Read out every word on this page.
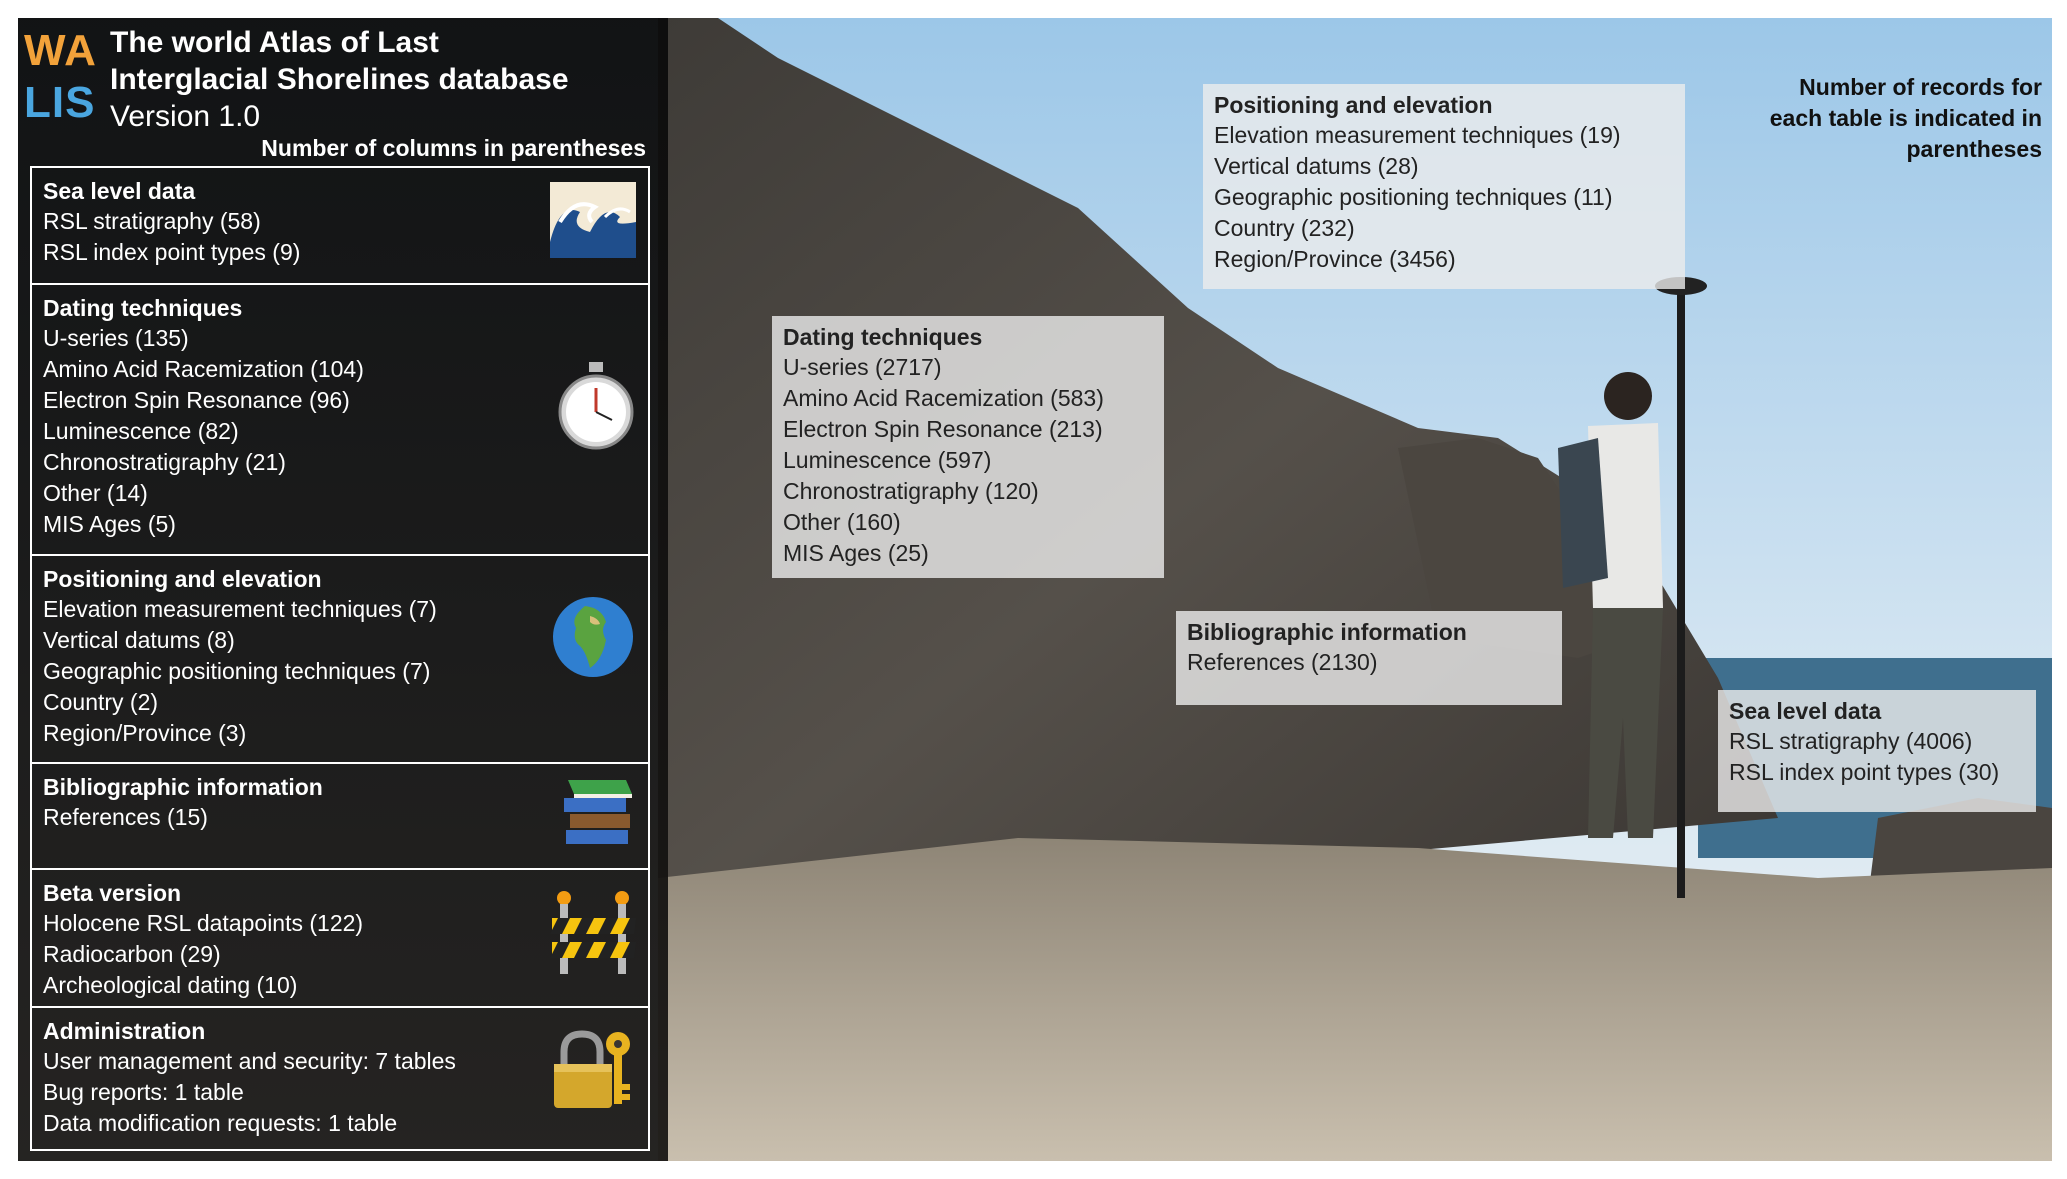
WA
LIS
The world Atlas of Last
Interglacial Shorelines database
Version 1.0
Number of columns in parentheses
Sea level data
RSL stratigraphy (58)
RSL index point types (9)
Dating techniques
U-series (135)
Amino Acid Racemization (104)
Electron Spin Resonance (96)
Luminescence (82)
Chronostratigraphy (21)
Other (14)
MIS Ages (5)
Positioning and elevation
Elevation measurement techniques (7)
Vertical datums (8)
Geographic positioning techniques (7)
Country (2)
Region/Province (3)
Bibliographic information
References (15)
Beta version
Holocene RSL datapoints (122)
Radiocarbon (29)
Archeological dating (10)
Administration
User management and security: 7 tables
Bug reports: 1 table
Data modification requests: 1 table
Positioning and elevation
Elevation measurement techniques (19)
Vertical datums (28)
Geographic positioning techniques (11)
Country (232)
Region/Province (3456)
Dating techniques
U-series (2717)
Amino Acid Racemization (583)
Electron Spin Resonance (213)
Luminescence (597)
Chronostratigraphy (120)
Other (160)
MIS Ages (25)
Bibliographic information
References (2130)
Sea level data
RSL stratigraphy (4006)
RSL index point types (30)
Number of records for
each table is indicated in
parentheses
